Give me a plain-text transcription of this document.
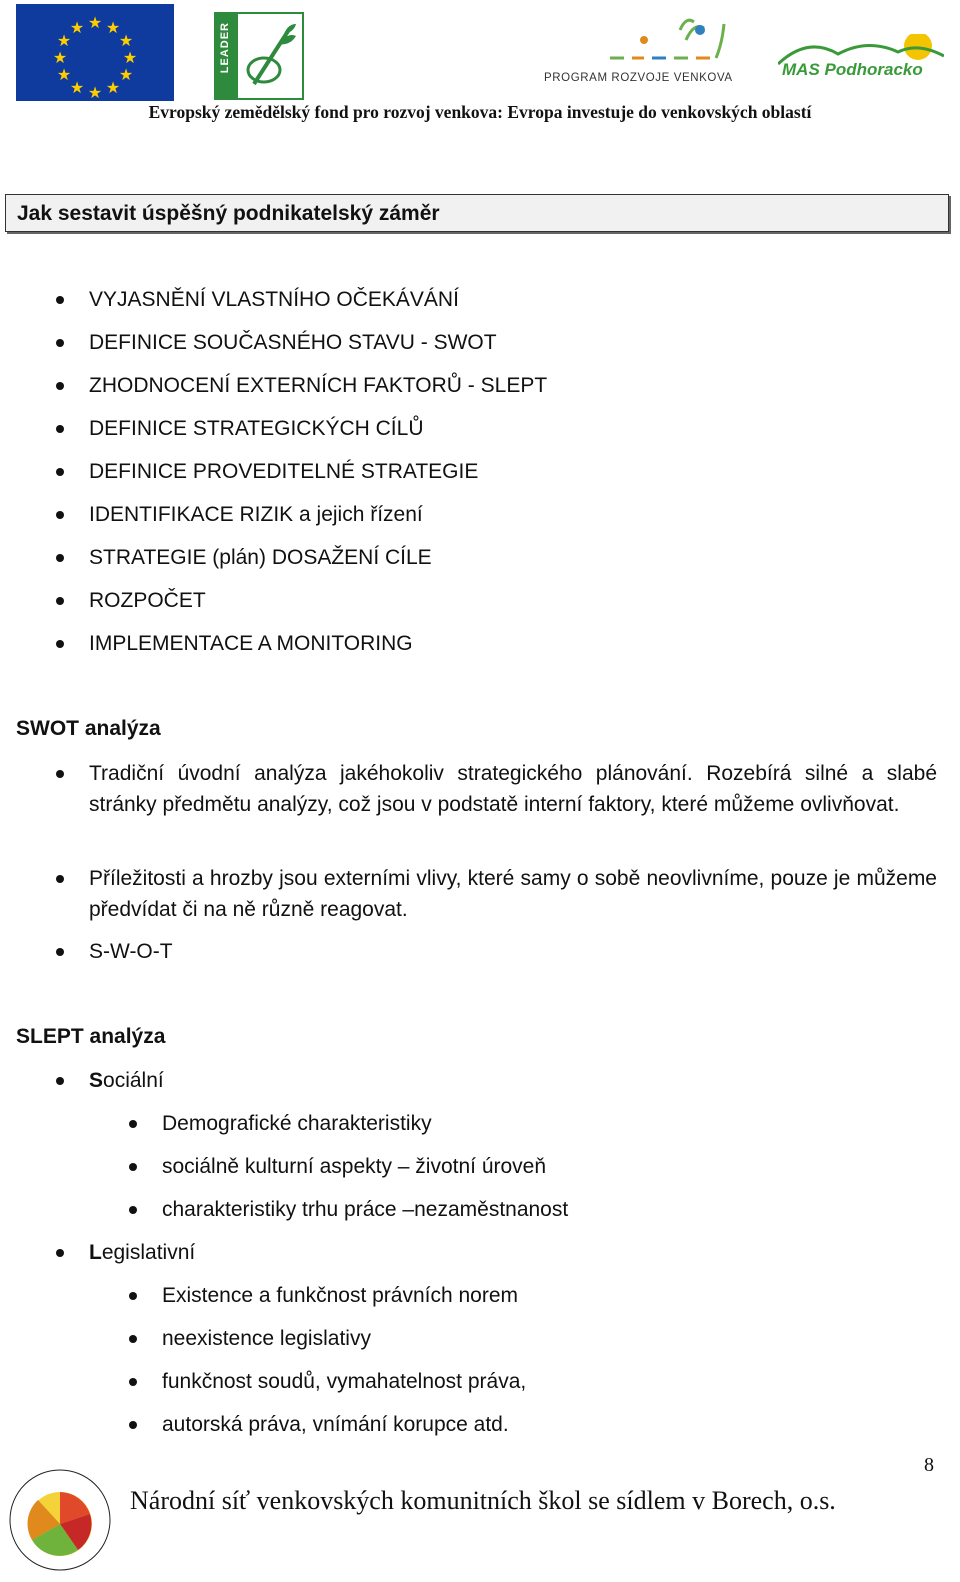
★ ★
★
★
★
★
★
★
★
★
★
★	LEADER
PROGRAM ROZVOJE VENKOVA	MAS Podhoracko
Evropský zemědělský fond pro rozvoj venkova: Evropa investuje do venkovských oblastí
Jak sestavit úspěšný podnikatelský záměr
VYJASNĚNÍ VLASTNÍHO OČEKÁVÁNÍ
DEFINICE SOUČASNÉHO STAVU - SWOT
ZHODNOCENÍ EXTERNÍCH FAKTORŮ - SLEPT
DEFINICE STRATEGICKÝCH CÍLŮ
DEFINICE PROVEDITELNÉ STRATEGIE
IDENTIFIKACE RIZIK a jejich řízení
STRATEGIE (plán) DOSAŽENÍ CÍLE
ROZPOČET
IMPLEMENTACE A MONITORING
SWOT analýza
Tradiční úvodní analýza jakéhokoliv strategického plánování. Rozebírá silné a slabé stránky předmětu analýzy, což jsou v podstatě interní faktory, které můžeme ovlivňovat.
Příležitosti a hrozby jsou externími vlivy, které samy o sobě neovlivníme, pouze je můžeme předvídat či na ně různě reagovat.
S-W-O-T
SLEPT analýza
Sociální
Demografické charakteristiky
sociálně kulturní aspekty – životní úroveň
charakteristiky trhu práce –nezaměstnanost
Legislativní
Existence a funkčnost právních norem
neexistence legislativy
funkčnost soudů, vymahatelnost práva,
autorská práva, vnímání korupce atd.
8
Národní síť venkovských komunitních škol se sídlem v Borech, o.s.
